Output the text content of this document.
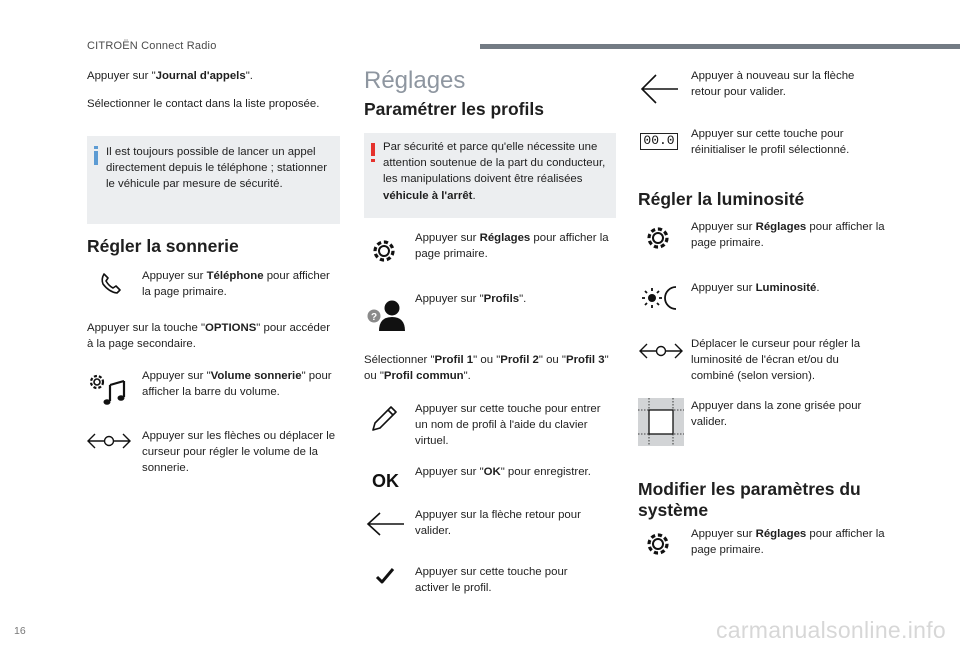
CITROËN Connect Radio
Appuyer sur "Journal d'appels".
Sélectionner le contact dans la liste proposée.
Il est toujours possible de lancer un appel directement depuis le téléphone ; stationner le véhicule par mesure de sécurité.
Régler la sonnerie
Appuyer sur Téléphone pour afficher la page primaire.
Appuyer sur la touche "OPTIONS" pour accéder à la page secondaire.
Appuyer sur "Volume sonnerie" pour afficher la barre du volume.
Appuyer sur les flèches ou déplacer le curseur pour régler le volume de la sonnerie.
Réglages
Paramétrer les profils
Par sécurité et parce qu'elle nécessite une attention soutenue de la part du conducteur, les manipulations doivent être réalisées véhicule à l'arrêt.
Appuyer sur Réglages pour afficher la page primaire.
?
Appuyer sur "Profils".
Sélectionner "Profil 1" ou "Profil 2" ou "Profil 3" ou "Profil commun".
Appuyer sur cette touche pour entrer un nom de profil à l'aide du clavier virtuel.
OK Appuyer sur "OK" pour enregistrer.
Appuyer sur la flèche retour pour valider.
Appuyer sur cette touche pour activer le profil.
Appuyer à nouveau sur la flèche retour pour valider.
00.0 Appuyer sur cette touche pour réinitialiser le profil sélectionné.
Régler la luminosité
Appuyer sur Réglages pour afficher la page primaire.
Appuyer sur Luminosité.
Déplacer le curseur pour régler la luminosité de l'écran et/ou du combiné (selon version).
Appuyer dans la zone grisée pour valider.
Modifier les paramètres du système
Appuyer sur Réglages pour afficher la page primaire.
16	carmanualsonline.info
